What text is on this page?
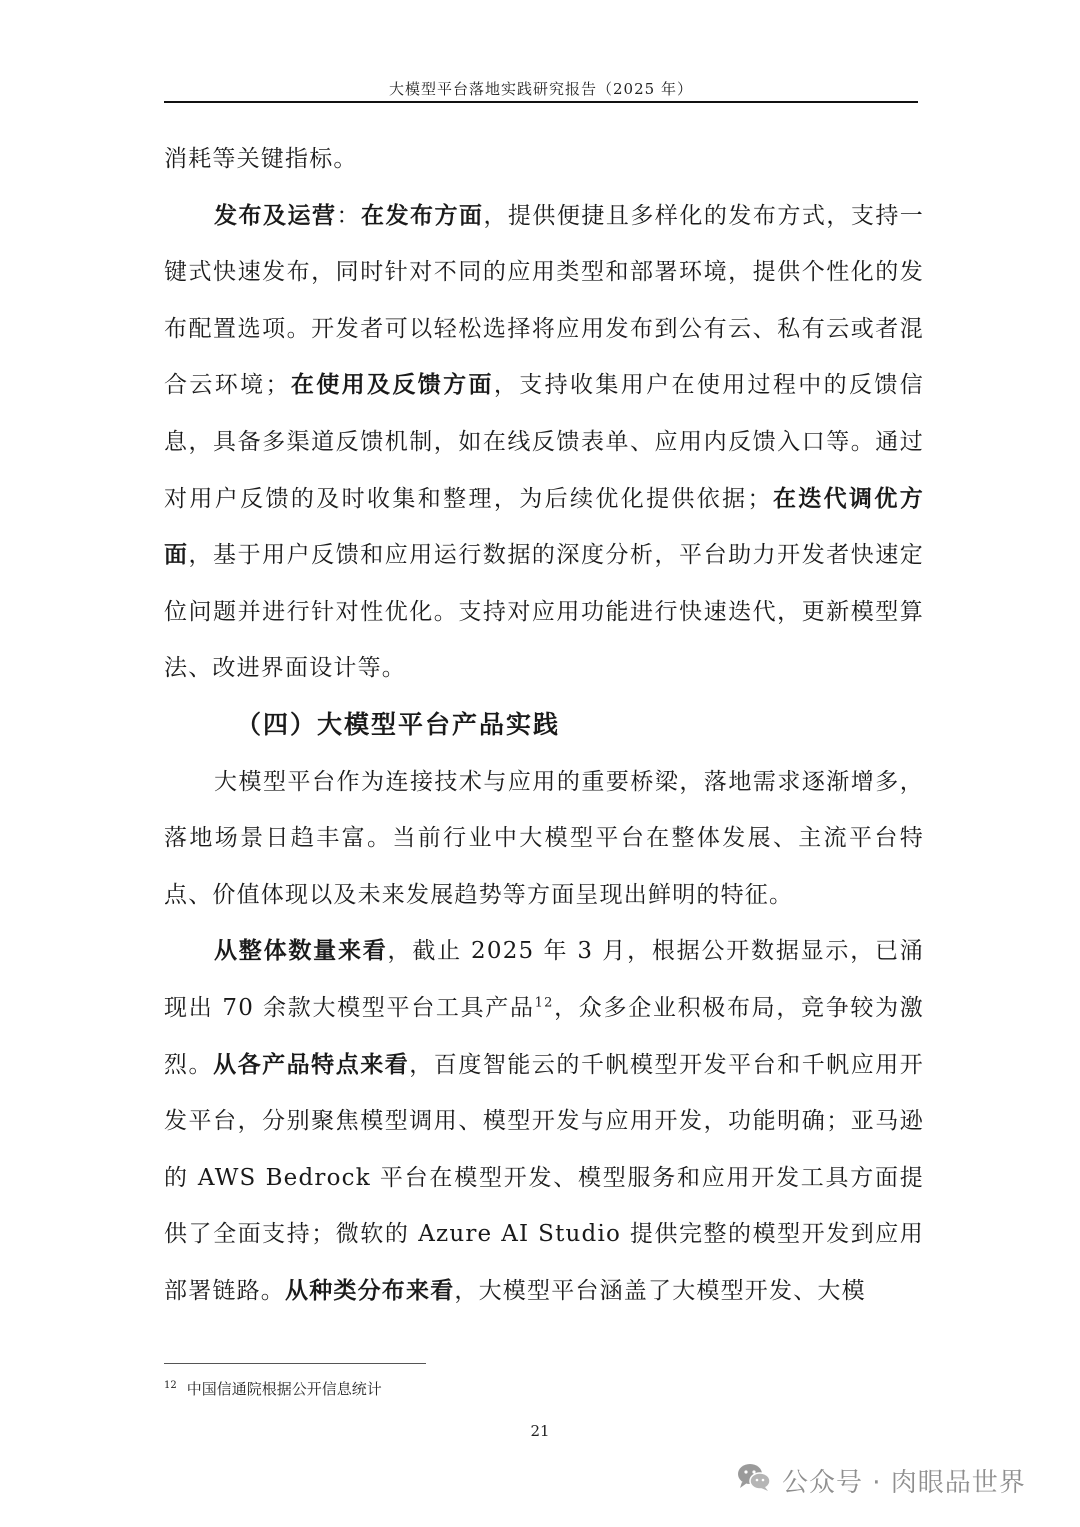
大模型平台落地实践研究报告（2025 年）

消耗等关键指标。

发布及运营：在发布方面，提供便捷且多样化的发布方式，支持一键式快速发布，同时针对不同的应用类型和部署环境，提供个性化的发布配置选项。开发者可以轻松选择将应用发布到公有云、私有云或者混合云环境；在使用及反馈方面，支持收集用户在使用过程中的反馈信息，具备多渠道反馈机制，如在线反馈表单、应用内反馈入口等。通过对用户反馈的及时收集和整理，为后续优化提供依据；在迭代调优方面，基于用户反馈和应用运行数据的深度分析，平台助力开发者快速定位问题并进行针对性优化。支持对应用功能进行快速迭代，更新模型算法、改进界面设计等。

（四）大模型平台产品实践

大模型平台作为连接技术与应用的重要桥梁，落地需求逐渐增多，落地场景日趋丰富。当前行业中大模型平台在整体发展、主流平台特点、价值体现以及未来发展趋势等方面呈现出鲜明的特征。

从整体数量来看，截止 2025 年 3 月，根据公开数据显示，已涌现出 70 余款大模型平台工具产品$^{12}$，众多企业积极布局，竞争较为激烈。从各产品特点来看，百度智能云的千帆模型开发平台和千帆应用开发平台，分别聚焦模型调用、模型开发与应用开发，功能明确；亚马逊的 AWS Bedrock 平台在模型开发、模型服务和应用开发工具方面提供了全面支持；微软的 Azure AI Studio 提供完整的模型开发到应用部署链路。从种类分布来看，大模型平台涵盖了大模型开发、大模

$^{12}$ 中国信通院根据公开信息统计
21
公众号 · 肉眼品世界
